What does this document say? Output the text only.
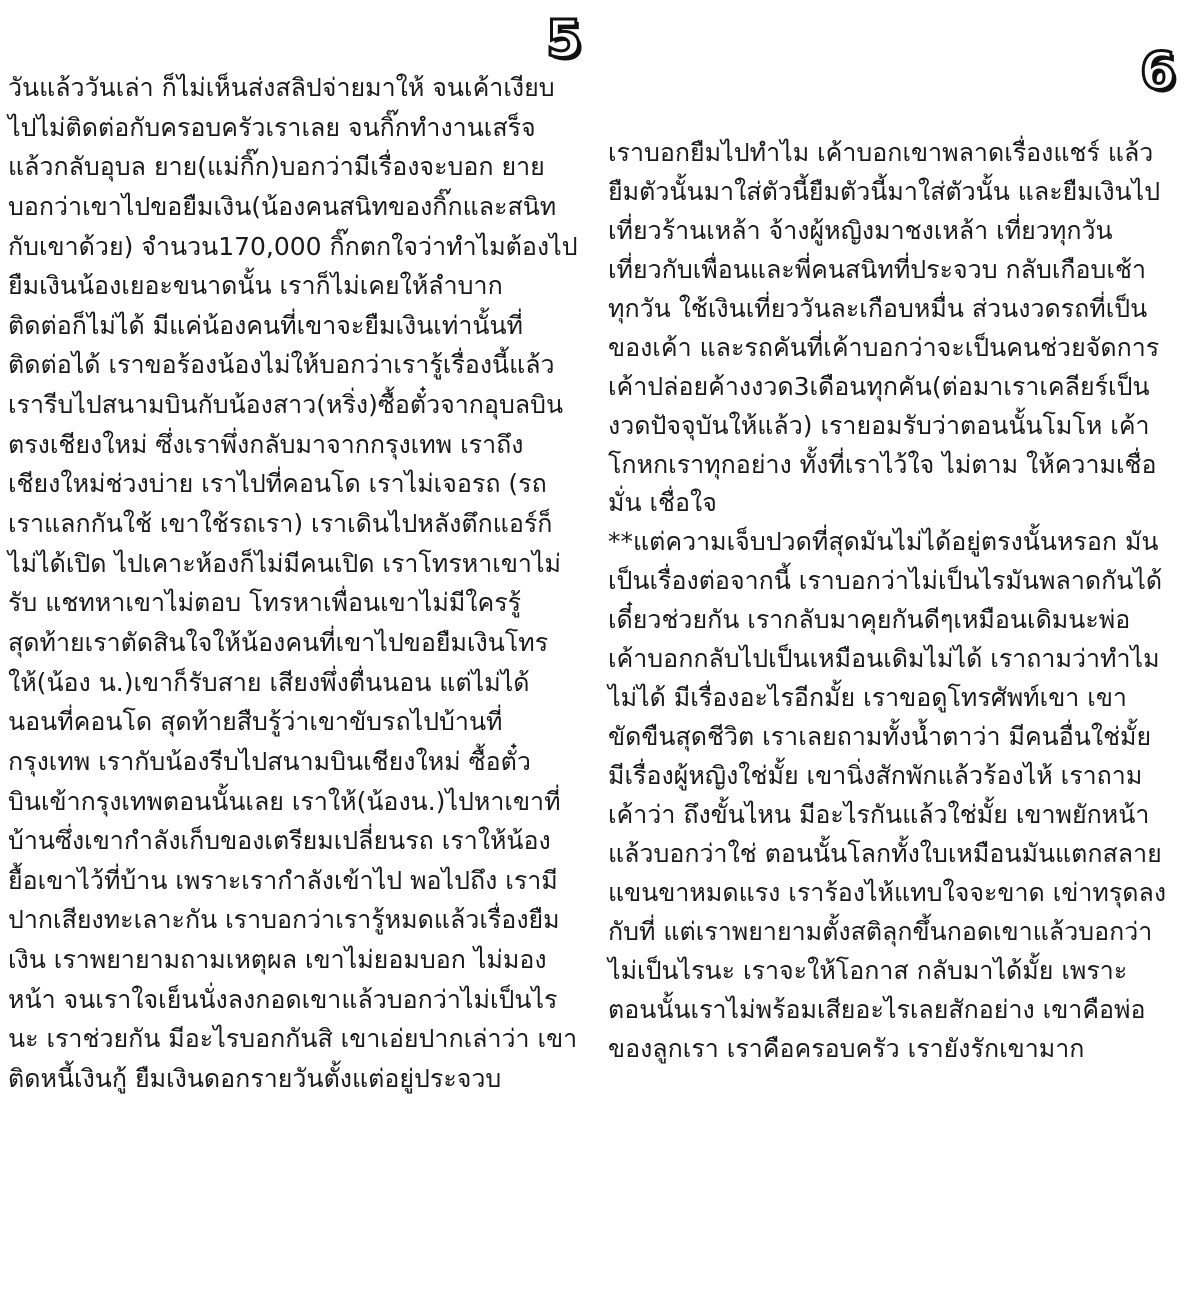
5
6
วันแล้ววันเล่า ก็ไม่เห็นส่งสลิปจ่ายมาให้ จนเค้าเงียบ
ไปไม่ติดต่อกับครอบครัวเราเลย จนกิ๊กทำงานเสร็จ
แล้วกลับอุบล ยาย(แม่กิ๊ก)บอกว่ามีเรื่องจะบอก ยาย
บอกว่าเขาไปขอยืมเงิน(น้องคนสนิทของกิ๊กและสนิท
กับเขาด้วย) จำนวน170,000 กิ๊กตกใจว่าทำไมต้องไป
ยืมเงินน้องเยอะขนาดนั้น เราก็ไม่เคยให้ลำบาก
ติดต่อก็ไม่ได้ มีแค่น้องคนที่เขาจะยืมเงินเท่านั้นที่
ติดต่อได้ เราขอร้องน้องไม่ให้บอกว่าเรารู้เรื่องนี้แล้ว
เรารีบไปสนามบินกับน้องสาว(หริ่ง)ซื้อตั๋วจากอุบลบิน
ตรงเชียงใหม่ ซึ่งเราพึ่งกลับมาจากกรุงเทพ เราถึง
เชียงใหม่ช่วงบ่าย เราไปที่คอนโด เราไม่เจอรถ (รถ
เราแลกกันใช้ เขาใช้รถเรา) เราเดินไปหลังตึกแอร์ก็
ไม่ได้เปิด ไปเคาะห้องก็ไม่มีคนเปิด เราโทรหาเขาไม่
รับ แชทหาเขาไม่ตอบ โทรหาเพื่อนเขาไม่มีใครรู้
สุดท้ายเราตัดสินใจให้น้องคนที่เขาไปขอยืมเงินโทร
ให้(น้อง น.)เขาก็รับสาย เสียงพึ่งตื่นนอน แต่ไม่ได้
นอนที่คอนโด สุดท้ายสืบรู้ว่าเขาขับรถไปบ้านที่
กรุงเทพ เรากับน้องรีบไปสนามบินเชียงใหม่ ซื้อตั๋ว
บินเข้ากรุงเทพตอนนั้นเลย เราให้(น้องน.)ไปหาเขาที่
บ้านซึ่งเขากำลังเก็บของเตรียมเปลี่ยนรถ เราให้น้อง
ยื้อเขาไว้ที่บ้าน เพราะเรากำลังเข้าไป พอไปถึง เรามี
ปากเสียงทะเลาะกัน เราบอกว่าเรารู้หมดแล้วเรื่องยืม
เงิน เราพยายามถามเหตุผล เขาไม่ยอมบอก ไม่มอง
หน้า จนเราใจเย็นนั่งลงกอดเขาแล้วบอกว่าไม่เป็นไร
นะ เราช่วยกัน มีอะไรบอกกันสิ เขาเอ่ยปากเล่าว่า เขา
ติดหนี้เงินกู้ ยืมเงินดอกรายวันตั้งแต่อยู่ประจวบ
เราบอกยืมไปทำไม เค้าบอกเขาพลาดเรื่องแชร์ แล้ว
ยืมตัวนั้นมาใส่ตัวนี้ยืมตัวนี้มาใส่ตัวนั้น และยืมเงินไป
เที่ยวร้านเหล้า จ้างผู้หญิงมาชงเหล้า เที่ยวทุกวัน
เที่ยวกับเพื่อนและพี่คนสนิทที่ประจวบ กลับเกือบเช้า
ทุกวัน ใช้เงินเที่ยววันละเกือบหมื่น ส่วนงวดรถที่เป็น
ของเค้า และรถคันที่เค้าบอกว่าจะเป็นคนช่วยจัดการ
เค้าปล่อยค้างงวด3เดือนทุกคัน(ต่อมาเราเคลียร์เป็น
งวดปัจจุบันให้แล้ว) เรายอมรับว่าตอนนั้นโมโห เค้า
โกหกเราทุกอย่าง ทั้งที่เราไว้ใจ ไม่ตาม ให้ความเชื่อ
มั่น เชื่อใจ
**แต่ความเจ็บปวดที่สุดมันไม่ได้อยู่ตรงนั้นหรอก มัน
เป็นเรื่องต่อจากนี้ เราบอกว่าไม่เป็นไรมันพลาดกันได้
เดี๋ยวช่วยกัน เรากลับมาคุยกันดีๆเหมือนเดิมนะพ่อ
เค้าบอกกลับไปเป็นเหมือนเดิมไม่ได้ เราถามว่าทำไม
ไม่ได้ มีเรื่องอะไรอีกมั้ย เราขอดูโทรศัพท์เขา เขา
ขัดขืนสุดชีวิต เราเลยถามทั้งน้ำตาว่า มีคนอื่นใช่มั้ย
มีเรื่องผู้หญิงใช่มั้ย เขานิ่งสักพักแล้วร้องไห้ เราถาม
เค้าว่า ถึงขั้นไหน มีอะไรกันแล้วใช่มั้ย เขาพยักหน้า
แล้วบอกว่าใช่ ตอนนั้นโลกทั้งใบเหมือนมันแตกสลาย
แขนขาหมดแรง เราร้องไห้แทบใจจะขาด เข่าทรุดลง
กับที่ แต่เราพยายามตั้งสติลุกขึ้นกอดเขาแล้วบอกว่า
ไม่เป็นไรนะ เราจะให้โอกาส กลับมาได้มั้ย เพราะ
ตอนนั้นเราไม่พร้อมเสียอะไรเลยสักอย่าง เขาคือพ่อ
ของลูกเรา เราคือครอบครัว เรายังรักเขามาก
